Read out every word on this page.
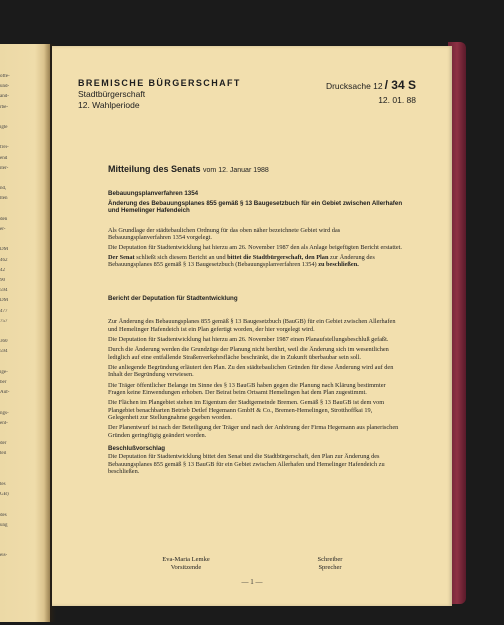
offe-
und-
and-
rbe-
igte
frei-
end
iter-
nd,
lten
den
er-
DM
462
42
90
594
DM
477
757
360
594
ige-
ber
Auf-
ngs-
ent-
der
teil
tes
GB)
des
ung
eis-
BREMISCHE BÜRGERSCHAFT
Stadtbürgerschaft
12. Wahlperiode
Drucksache 12 / 34 S
12. 01. 88
Mitteilung des Senats vom 12. Januar 1988
Bebauungsplanverfahren 1354
Änderung des Bebauungsplanes 855 gemäß § 13 Baugesetzbuch für ein Gebiet zwischen Allerhafen und Hemelinger Hafendeich

Als Grundlage der städtebaulichen Ordnung für das oben näher bezeichnete Gebiet wird das Bebauungsplanverfahren 1354 vorgelegt.

Die Deputation für Stadtentwicklung hat hierzu am 26. November 1987 den als Anlage beigefügten Bericht erstattet.

Der Senat schließt sich diesem Bericht an und bittet die Stadtbürgerschaft, den Plan zur Änderung des Bebauungsplanes 855 gemäß § 13 Baugesetzbuch (Bebauungsplanverfahren 1354) zu beschließen.

Bericht der Deputation für Stadtentwicklung

Zur Änderung des Bebauungsplanes 855 gemäß § 13 Baugesetzbuch (BauGB) für ein Gebiet zwischen Allerhafen und Hemelinger Hafendeich ist ein Plan gefertigt worden, der hier vorgelegt wird.

Die Deputation für Stadtentwicklung hat hierzu am 26. November 1987 einen Planaufstellungsbeschluß gefaßt.

Durch die Änderung werden die Grundzüge der Planung nicht berührt, weil die Änderung sich im wesentlichen lediglich auf eine entfallende Straßenverkehrsfläche beschränkt, die in Zukunft überbaubar sein soll.

Die anliegende Begründung erläutert den Plan. Zu den städtebaulichen Gründen für diese Änderung wird auf den Inhalt der Begründung verwiesen.

Die Träger öffentlicher Belange im Sinne des § 13 BauGB haben gegen die Planung nach Klärung bestimmter Fragen keine Einwendungen erhoben. Der Beirat beim Ortsamt Hemelingen hat dem Plan zugestimmt.

Die Flächen im Plangebiet stehen im Eigentum der Stadtgemeinde Bremen. Gemäß § 13 BauGB ist dem vom Plangebiet benachbarten Betrieb Detlef Hegemann GmbH & Co., Bremen-Hemelingen, Strotthoffkai 19, Gelegenheit zur Stellungnahme gegeben worden.

Der Planentwurf ist nach der Beteiligung der Träger und nach der Anhörung der Firma Hegemann aus planerischen Gründen geringfügig geändert worden.

Beschlußvorschlag

Die Deputation für Stadtentwicklung bittet den Senat und die Stadtbürgerschaft, den Plan zur Änderung des Bebauungsplanes 855 gemäß § 13 BauGB für ein Gebiet zwischen Allerhafen und Hemelinger Hafendeich zu beschließen.

Eva-Maria Lemke
Vorsitzende
Schreiber
Sprecher
— 1 —
